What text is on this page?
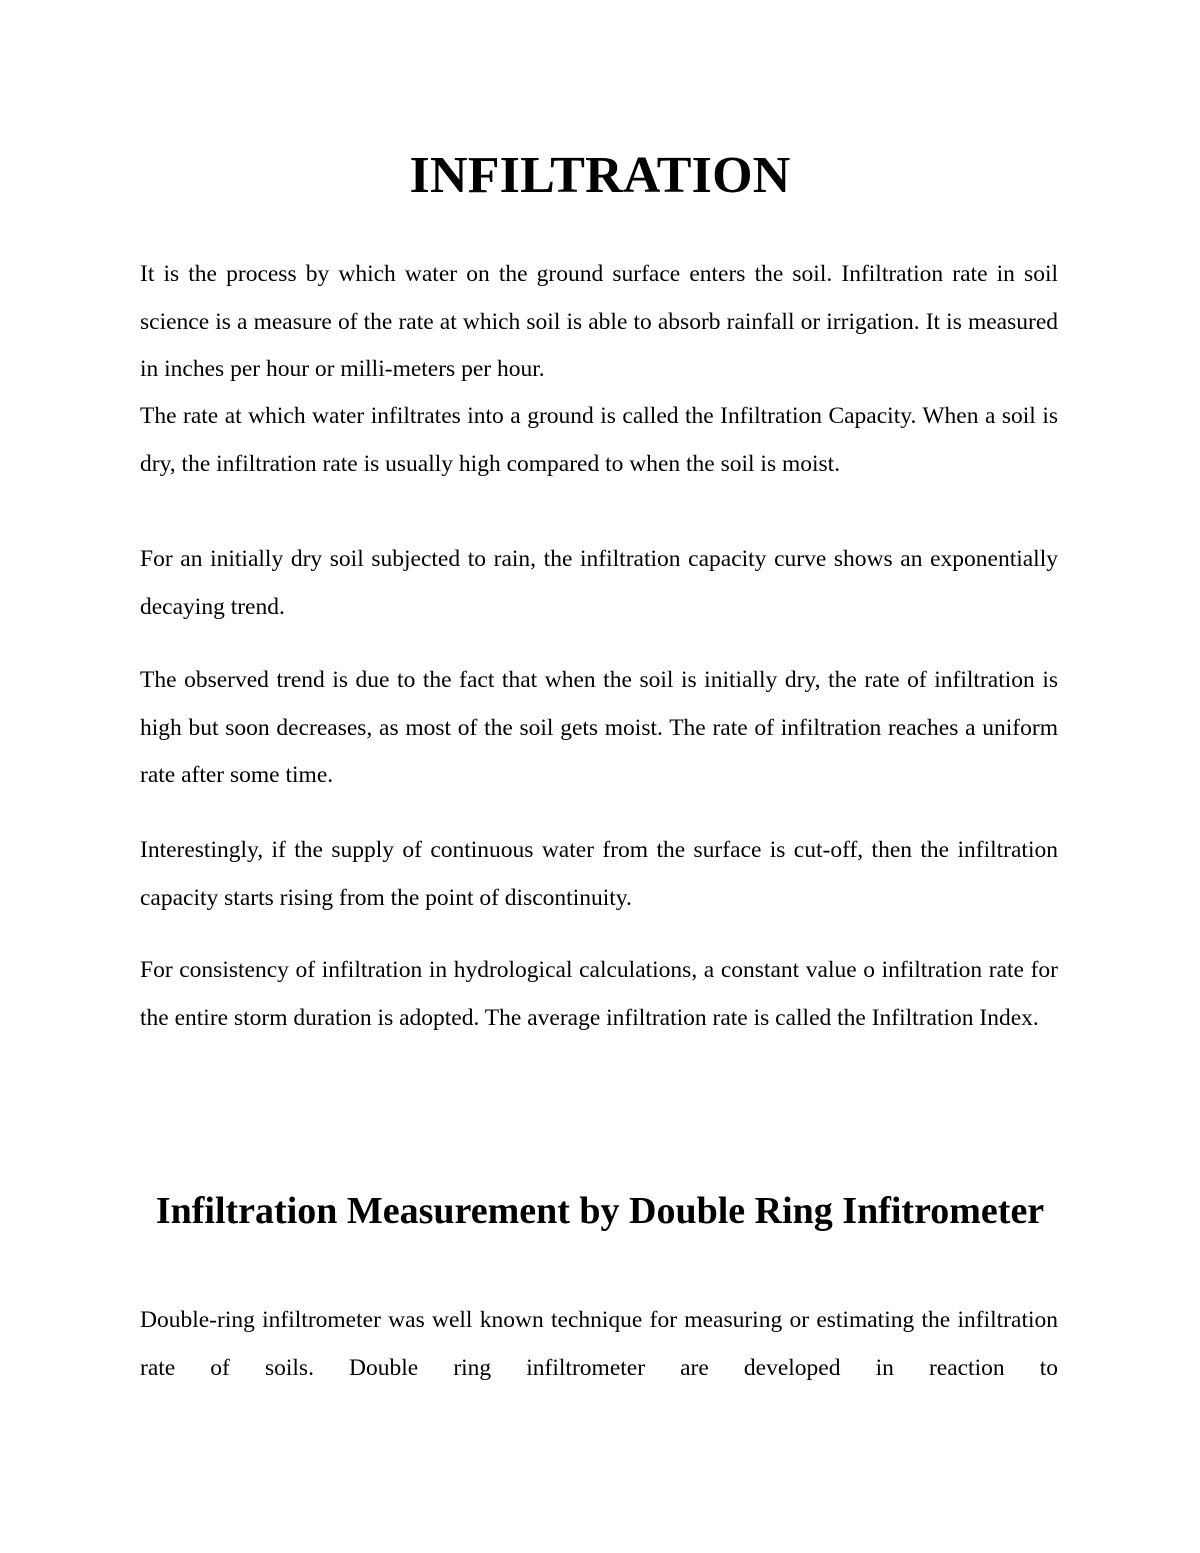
INFILTRATION

It is the process by which water on the ground surface enters the soil. Infiltration rate in soil science is a measure of the rate at which soil is able to absorb rainfall or irrigation. It is measured in inches per hour or milli-meters per hour.

The rate at which water infiltrates into a ground is called the Infiltration Capacity. When a soil is dry, the infiltration rate is usually high compared to when the soil is moist.

For an initially dry soil subjected to rain, the infiltration capacity curve shows an exponentially decaying trend.

The observed trend is due to the fact that when the soil is initially dry, the rate of infiltration is high but soon decreases, as most of the soil gets moist. The rate of infiltration reaches a uniform rate after some time.

Interestingly, if the supply of continuous water from the surface is cut-off, then the infiltration capacity starts rising from the point of discontinuity.

For consistency of infiltration in hydrological calculations, a constant value o infiltration rate for the entire storm duration is adopted. The average infiltration rate is called the Infiltration Index.

Infiltration Measurement by Double Ring Infitrometer

Double-ring infiltrometer was well known technique for measuring or estimating the infiltration rate of soils. Double ring infiltrometer are developed in reaction to
